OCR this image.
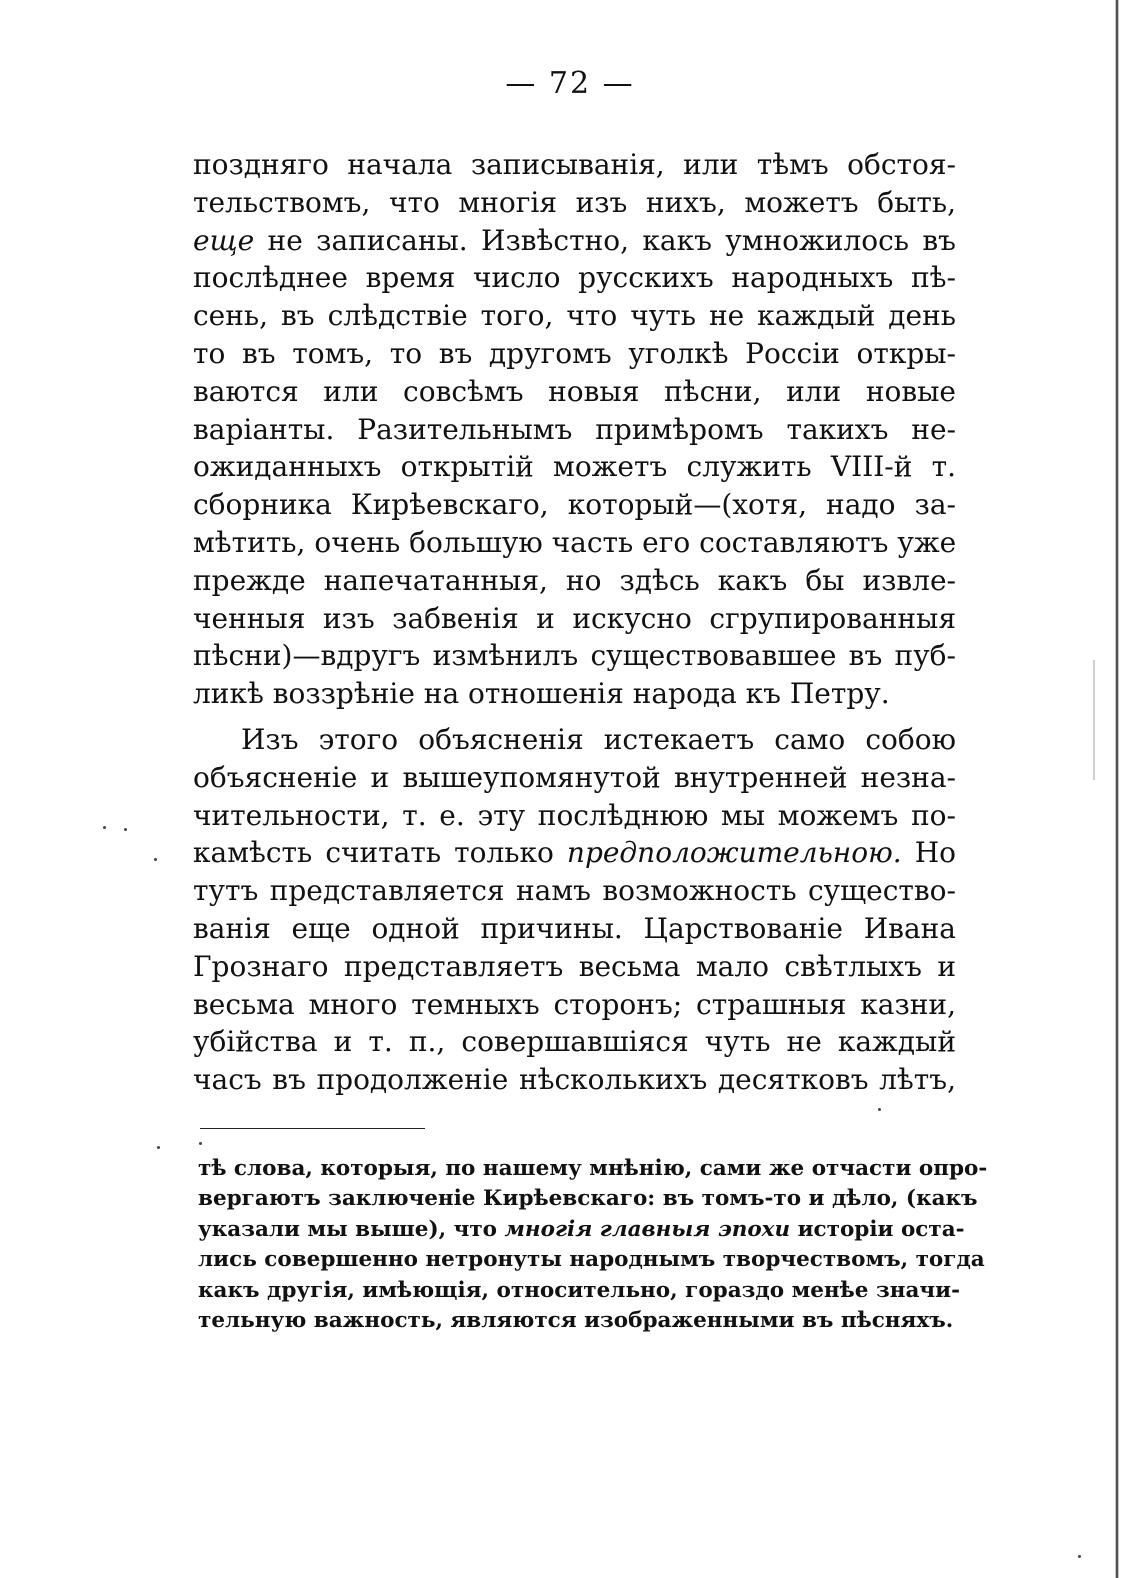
— 72 —
позднягo начала записыванія, или тѣмъ обстоя-
тельствомъ, что многія изъ нихъ, можетъ быть,
еще не записаны. Извѣстно, какъ умножилось въ
послѣднее время число русскихъ народныхъ пѣ-
сень, въ слѣдствіе того, что чуть не каждый день
то въ томъ, то въ другомъ уголкѣ Россіи откры-
ваются или совсѣмъ новыя пѣсни, или новые
варіанты. Разительнымъ примѣромъ такихъ не-
ожиданныхъ открытій можетъ служить VIII-й т.
сборника Кирѣевскаго, который—(хотя, надо за-
мѣтить, очень большую часть его составляютъ уже
прежде напечатанныя, но здѣсь какъ бы извле-
ченныя изъ забвенія и искусно сгрупированныя
пѣсни)—вдругъ измѣнилъ существовавшее въ пуб-
ликѣ воззрѣніе на отношенія народа къ Петру.
Изъ этого объясненія истекаетъ само собою
объясненіе и вышеупомянутой внутренней незна-
чительности, т. е. эту послѣднюю мы можемъ по-
камѣсть считать только предположительною. Но
тутъ представляется намъ возможность существо-
ванія еще одной причины. Царствованіе Ивана
Грознаго представляетъ весьма мало свѣтлыхъ и
весьма много темныхъ сторонъ; страшныя казни,
убійства и т. п., совершавшіяся чуть не каждый
часъ въ продолженіе нѣсколькихъ десятковъ лѣтъ,
тѣ слова, которыя, по нашему мнѣнію, сами же отчасти опро-
вергаютъ заключеніе Кирѣевскаго: въ томъ-то и дѣло, (какъ
указали мы выше), что многія главныя эпохи исторіи оста-
лись совершенно нетронуты народнымъ творчествомъ, тогда
какъ другія, имѣющія, относительно, гораздо менѣе значи-
тельную важность, являются изображенными въ пѣсняхъ.
